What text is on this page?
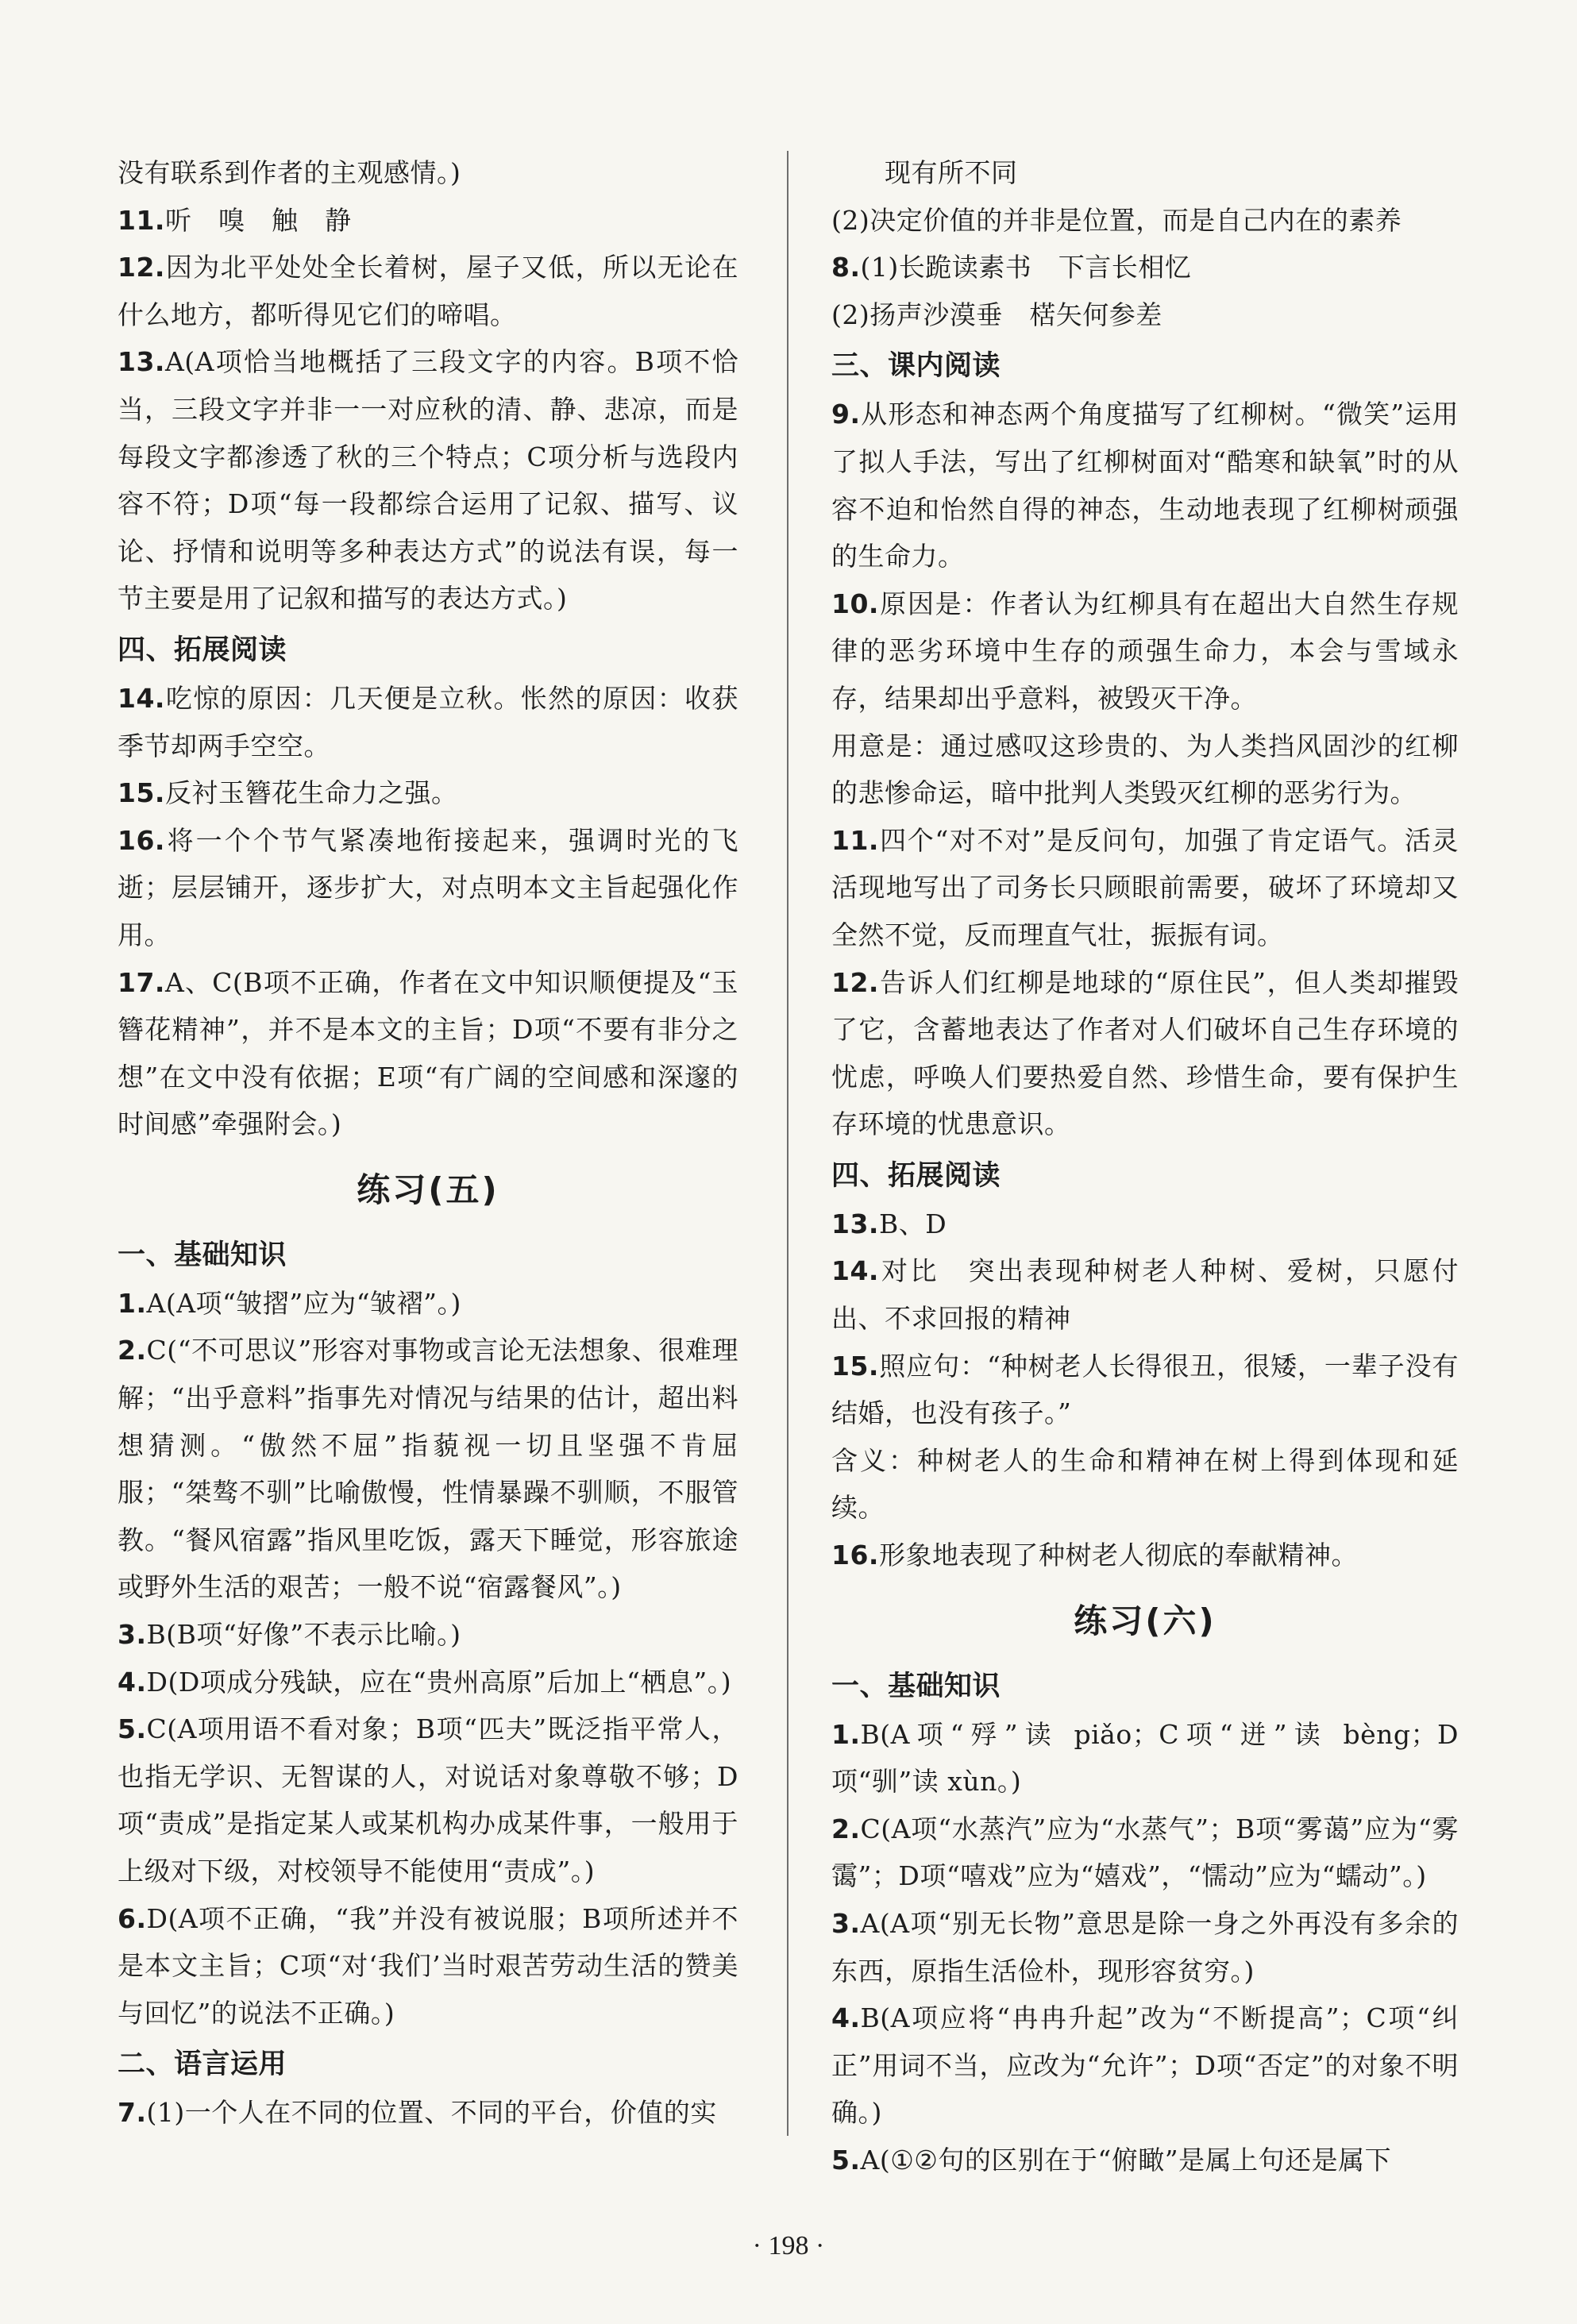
没有联系到作者的主观感情。)

11.听　嗅　触　静

12.因为北平处处全长着树，屋子又低，所以无论在什么地方，都听得见它们的啼唱。

13.A(A项恰当地概括了三段文字的内容。B项不恰当，三段文字并非一一对应秋的清、静、悲凉，而是每段文字都渗透了秋的三个特点；C项分析与选段内容不符；D项“每一段都综合运用了记叙、描写、议论、抒情和说明等多种表达方式”的说法有误，每一节主要是用了记叙和描写的表达方式。)

四、拓展阅读

14.吃惊的原因：几天便是立秋。怅然的原因：收获季节却两手空空。

15.反衬玉簪花生命力之强。

16.将一个个节气紧凑地衔接起来，强调时光的飞逝；层层铺开，逐步扩大，对点明本文主旨起强化作用。

17.A、C(B项不正确，作者在文中知识顺便提及“玉簪花精神”，并不是本文的主旨；D项“不要有非分之想”在文中没有依据；E项“有广阔的空间感和深邃的时间感”牵强附会。)

练习(五)
一、基础知识

1.A(A项“皱摺”应为“皱褶”。)

2.C(“不可思议”形容对事物或言论无法想象、很难理解；“出乎意料”指事先对情况与结果的估计，超出料想猜测。“傲然不屈”指藐视一切且坚强不肯屈服；“桀骜不驯”比喻傲慢，性情暴躁不驯顺，不服管教。“餐风宿露”指风里吃饭，露天下睡觉，形容旅途或野外生活的艰苦；一般不说“宿露餐风”。)

3.B(B项“好像”不表示比喻。)

4.D(D项成分残缺，应在“贵州高原”后加上“栖息”。)

5.C(A项用语不看对象；B项“匹夫”既泛指平常人，也指无学识、无智谋的人，对说话对象尊敬不够；D项“责成”是指定某人或某机构办成某件事，一般用于上级对下级，对校领导不能使用“责成”。)

6.D(A项不正确，“我”并没有被说服；B项所述并不是本文主旨；C项“对‘我们’当时艰苦劳动生活的赞美与回忆”的说法不正确。)

二、语言运用

7.(1)一个人在不同的位置、不同的平台，价值的实

　　现有所不同

(2)决定价值的并非是位置，而是自己内在的素养

8.(1)长跪读素书　下言长相忆

(2)扬声沙漠垂　楛矢何参差

三、课内阅读

9.从形态和神态两个角度描写了红柳树。“微笑”运用了拟人手法，写出了红柳树面对“酷寒和缺氧”时的从容不迫和怡然自得的神态，生动地表现了红柳树顽强的生命力。

10.原因是：作者认为红柳具有在超出大自然生存规律的恶劣环境中生存的顽强生命力，本会与雪域永存，结果却出乎意料，被毁灭干净。

用意是：通过感叹这珍贵的、为人类挡风固沙的红柳的悲惨命运，暗中批判人类毁灭红柳的恶劣行为。

11.四个“对不对”是反问句，加强了肯定语气。活灵活现地写出了司务长只顾眼前需要，破坏了环境却又全然不觉，反而理直气壮，振振有词。

12.告诉人们红柳是地球的“原住民”，但人类却摧毁了它，含蓄地表达了作者对人们破坏自己生存环境的忧虑，呼唤人们要热爱自然、珍惜生命，要有保护生存环境的忧患意识。

四、拓展阅读

13.B、D

14.对比　突出表现种树老人种树、爱树，只愿付出、不求回报的精神

15.照应句：“种树老人长得很丑，很矮，一辈子没有结婚，也没有孩子。”

含义：种树老人的生命和精神在树上得到体现和延续。

16.形象地表现了种树老人彻底的奉献精神。

练习(六)
一、基础知识

1.B(A项“殍”读 piǎo；C项“迸”读 bèng；D项“驯”读 xùn。)

2.C(A项“水蒸汽”应为“水蒸气”；B项“雾蔼”应为“雾霭”；D项“嘻戏”应为“嬉戏”，“懦动”应为“蠕动”。)

3.A(A项“别无长物”意思是除一身之外再没有多余的东西，原指生活俭朴，现形容贫穷。)

4.B(A项应将“冉冉升起”改为“不断提高”；C项“纠正”用词不当，应改为“允许”；D项“否定”的对象不明确。)

5.A(①②句的区别在于“俯瞰”是属上句还是属下

· 198 ·
